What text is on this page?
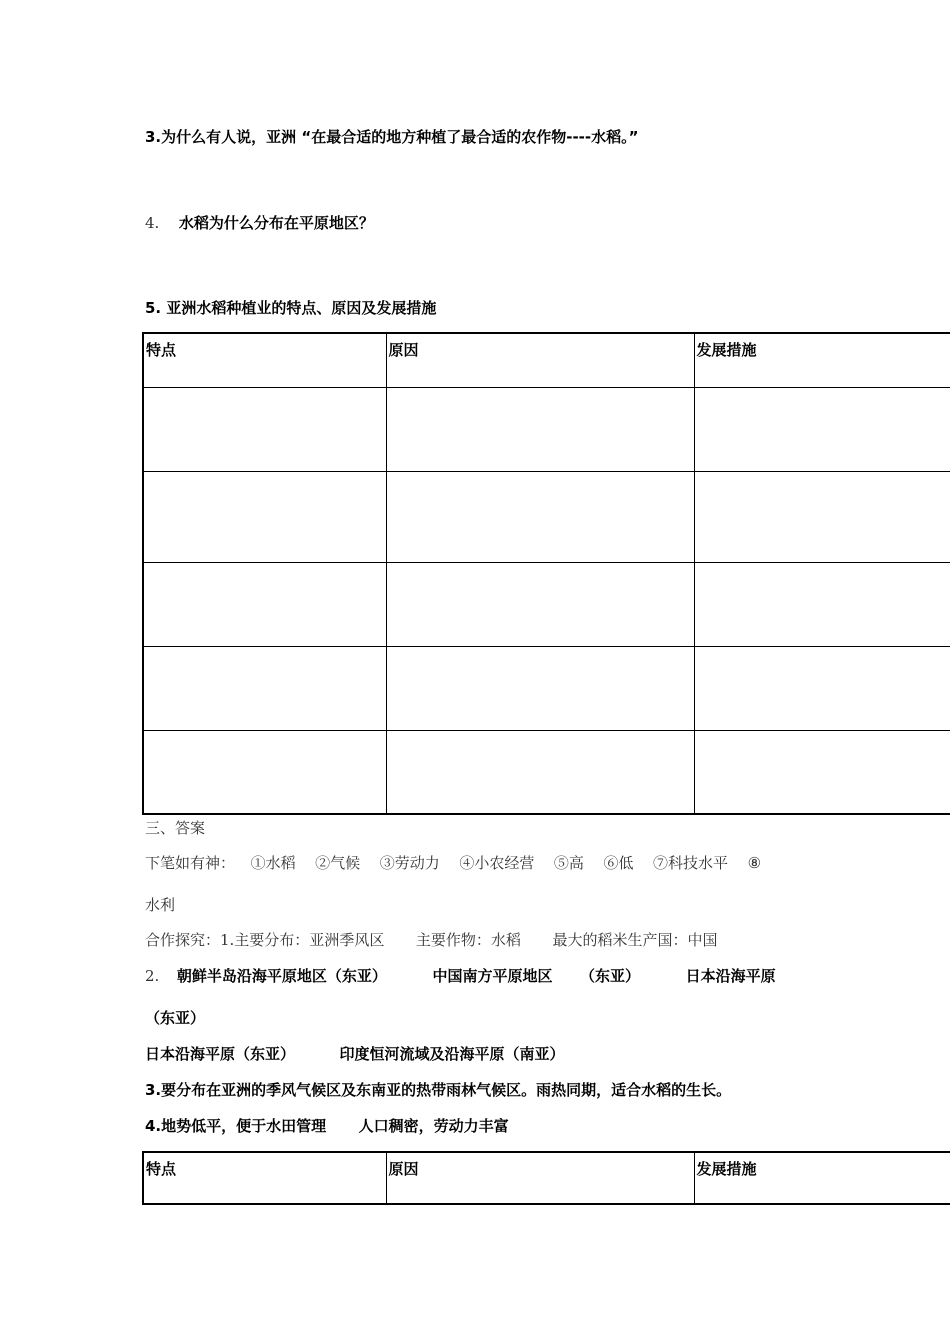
3.为什么有人说，亚洲 “在最合适的地方种植了最合适的农作物----水稻。”
4. 水稻为什么分布在平原地区？
5. 亚洲水稻种植业的特点、原因及发展措施
特点	原因	发展措施

三、答案
下笔如有神： ①水稻 ②气候 ③劳动力 ④小农经营 ⑤高 ⑥低 ⑦科技水平 ⑧
水利
合作探究：1.主要分布：亚洲季风区 主要作物：水稻 最大的稻米生产国：中国
2. 朝鲜半岛沿海平原地区（东亚）	中国南方平原地区 （东亚）	日本沿海平原
（东亚）
日本沿海平原（东亚）	印度恒河流域及沿海平原（南亚）
3.要分布在亚洲的季风气候区及东南亚的热带雨林气候区。雨热同期，适合水稻的生长。
4.地势低平，便于水田管理 人口稠密，劳动力丰富
特点	原因	发展措施
